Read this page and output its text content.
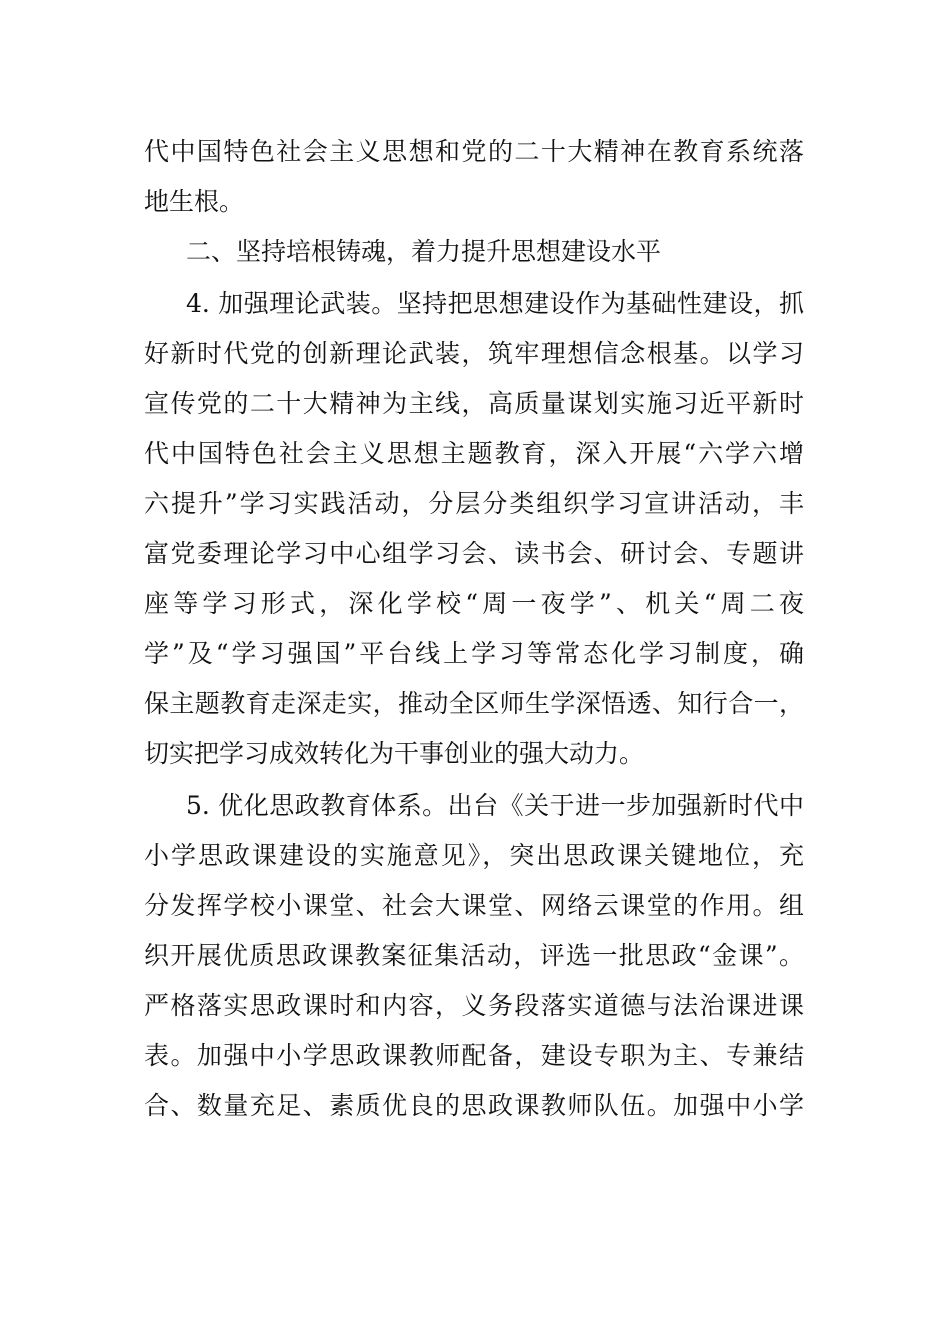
代中国特色社会主义思想和党的二十大精神在教育系统落
地生根。
二、坚持培根铸魂，着力提升思想建设水平
4. 加强理论武装。坚持把思想建设作为基础性建设，抓
好新时代党的创新理论武装，筑牢理想信念根基。以学习
宣传党的二十大精神为主线，高质量谋划实施习近平新时
代中国特色社会主义思想主题教育，深入开展“六学六增
六提升”学习实践活动，分层分类组织学习宣讲活动，丰
富党委理论学习中心组学习会、读书会、研讨会、专题讲
座等学习形式，深化学校“周一夜学”、机关“周二夜
学”及“学习强国”平台线上学习等常态化学习制度，确
保主题教育走深走实，推动全区师生学深悟透、知行合一，
切实把学习成效转化为干事创业的强大动力。
5. 优化思政教育体系。出台《关于进一步加强新时代中
小学思政课建设的实施意见》，突出思政课关键地位，充
分发挥学校小课堂、社会大课堂、网络云课堂的作用。组
织开展优质思政课教案征集活动，评选一批思政“金课”。
严格落实思政课时和内容，义务段落实道德与法治课进课
表。加强中小学思政课教师配备，建设专职为主、专兼结
合、数量充足、素质优良的思政课教师队伍。加强中小学
